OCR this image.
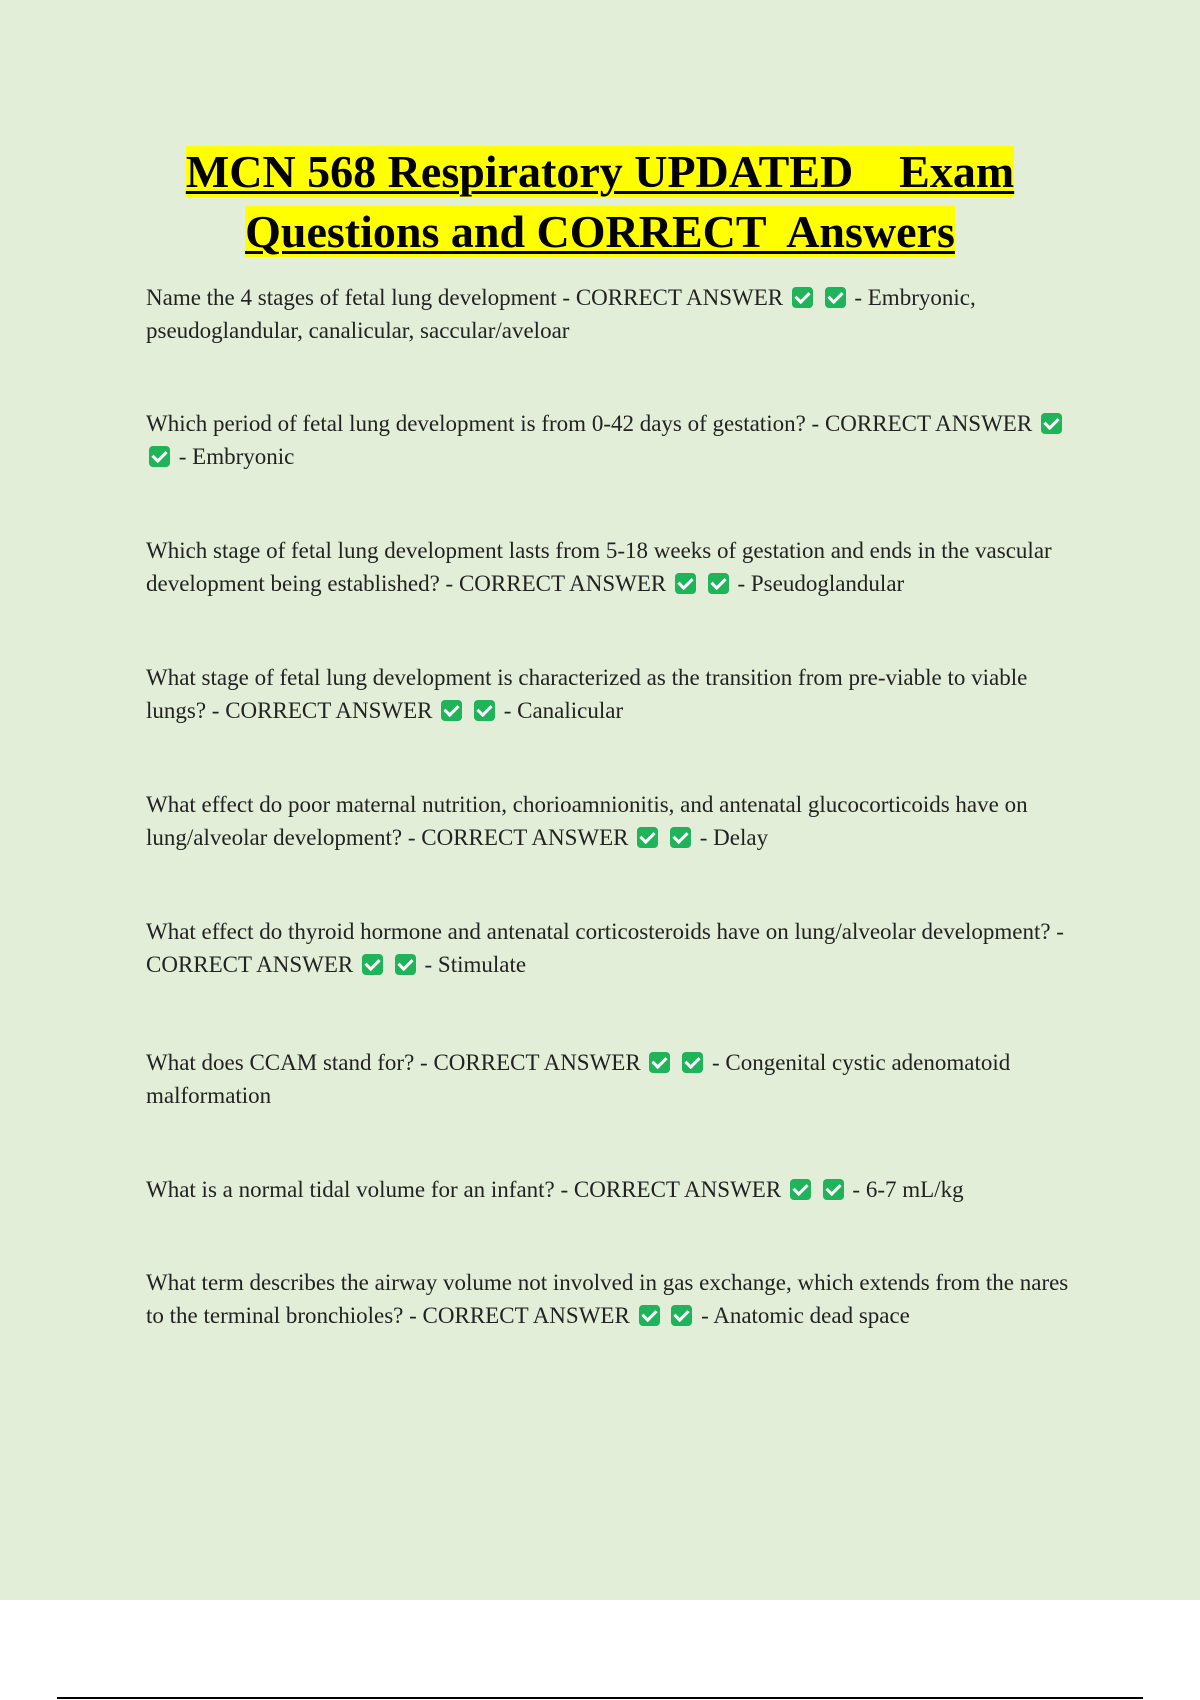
MCN 568 Respiratory UPDATED    Exam
Questions and CORRECT  Answers
Name the 4 stages of fetal lung development - CORRECT ANSWER	- Embryonic, pseudoglandular, canalicular, saccular/aveloar
Which period of fetal lung development is from 0-42 days of gestation? - CORRECT ANSWER   - Embryonic
Which stage of fetal lung development lasts from 5-18 weeks of gestation and ends in the vascular development being established? - CORRECT ANSWER	- Pseudoglandular
What stage of fetal lung development is characterized as the transition from pre-viable to viable lungs? - CORRECT ANSWER	- Canalicular
What effect do poor maternal nutrition, chorioamnionitis, and antenatal glucocorticoids have on lung/alveolar development? - CORRECT ANSWER	- Delay
What effect do thyroid hormone and antenatal corticosteroids have on lung/alveolar development? - CORRECT ANSWER	- Stimulate
What does CCAM stand for? - CORRECT ANSWER	- Congenital cystic adenomatoid malformation
What is a normal tidal volume for an infant? - CORRECT ANSWER	- 6-7 mL/kg
What term describes the airway volume not involved in gas exchange, which extends from the nares to the terminal bronchioles? - CORRECT ANSWER	- Anatomic dead space
